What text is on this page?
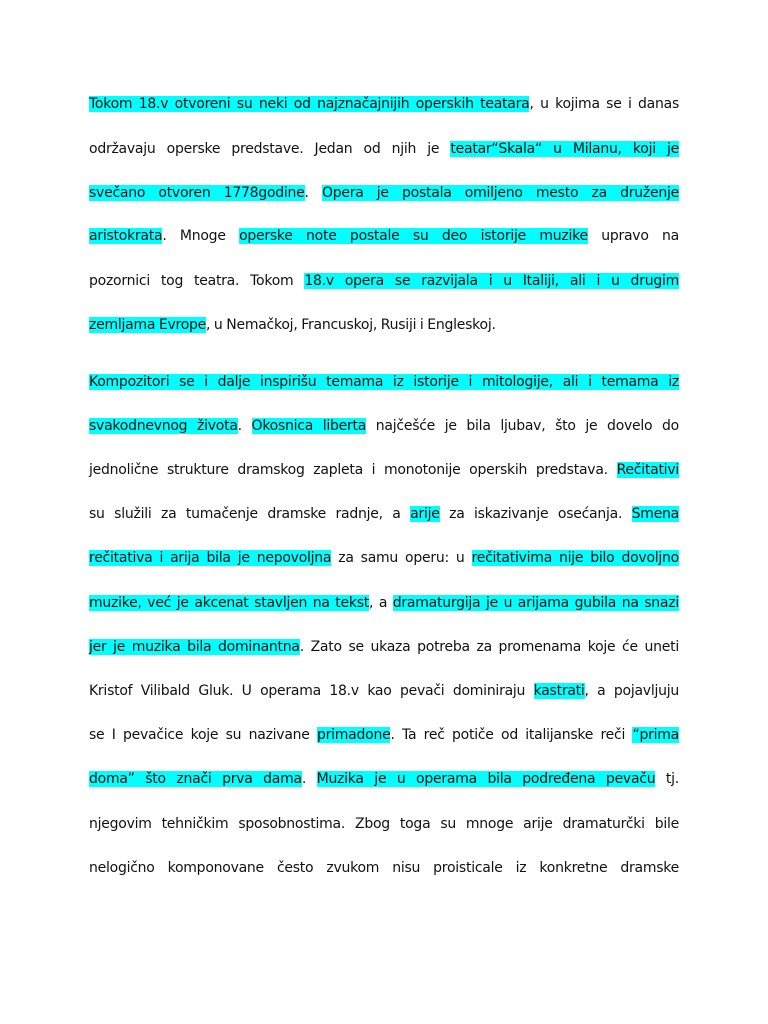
Tokom 18.v otvoreni su neki od najznačajnijih operskih teatara, u kojima se i danas
održavaju operske predstave. Jedan od njih je teatar“Skala“ u Milanu, koji je
svečano otvoren 1778godine. Opera je postala omiljeno mesto za druženje
aristokrata. Mnoge operske note postale su deo istorije muzike upravo na
pozornici tog teatra. Tokom 18.v opera se razvijala i u Italiji, ali i u drugim
zemljama Evrope, u Nemačkoj, Francuskoj, Rusiji i Engleskoj.
Kompozitori se i dalje inspirišu temama iz istorije i mitologije, ali i temama iz
svakodnevnog života. Okosnica liberta najčešće je bila ljubav, što je dovelo do
jednolične strukture dramskog zapleta i monotonije operskih predstava. Rečitativi
su služili za tumačenje dramske radnje, a arije za iskazivanje osećanja. Smena
rečitativa i arija bila je nepovoljna za samu operu: u rečitativima nije bilo dovoljno
muzike, već je akcenat stavljen na tekst, a dramaturgija je u arijama gubila na snazi
jer je muzika bila dominantna. Zato se ukaza potreba za promenama koje će uneti
Kristof Vilibald Gluk. U operama 18.v kao pevači dominiraju kastrati, a pojavljuju
se I pevačice koje su nazivane primadone. Ta reč potiče od italijanske reči “prima
doma” što znači prva dama. Muzika je u operama bila podređena pevaču tj.
njegovim tehničkim sposobnostima. Zbog toga su mnoge arije dramaturčki bile
nelogično komponovane često zvukom nisu proisticale iz konkretne dramske
